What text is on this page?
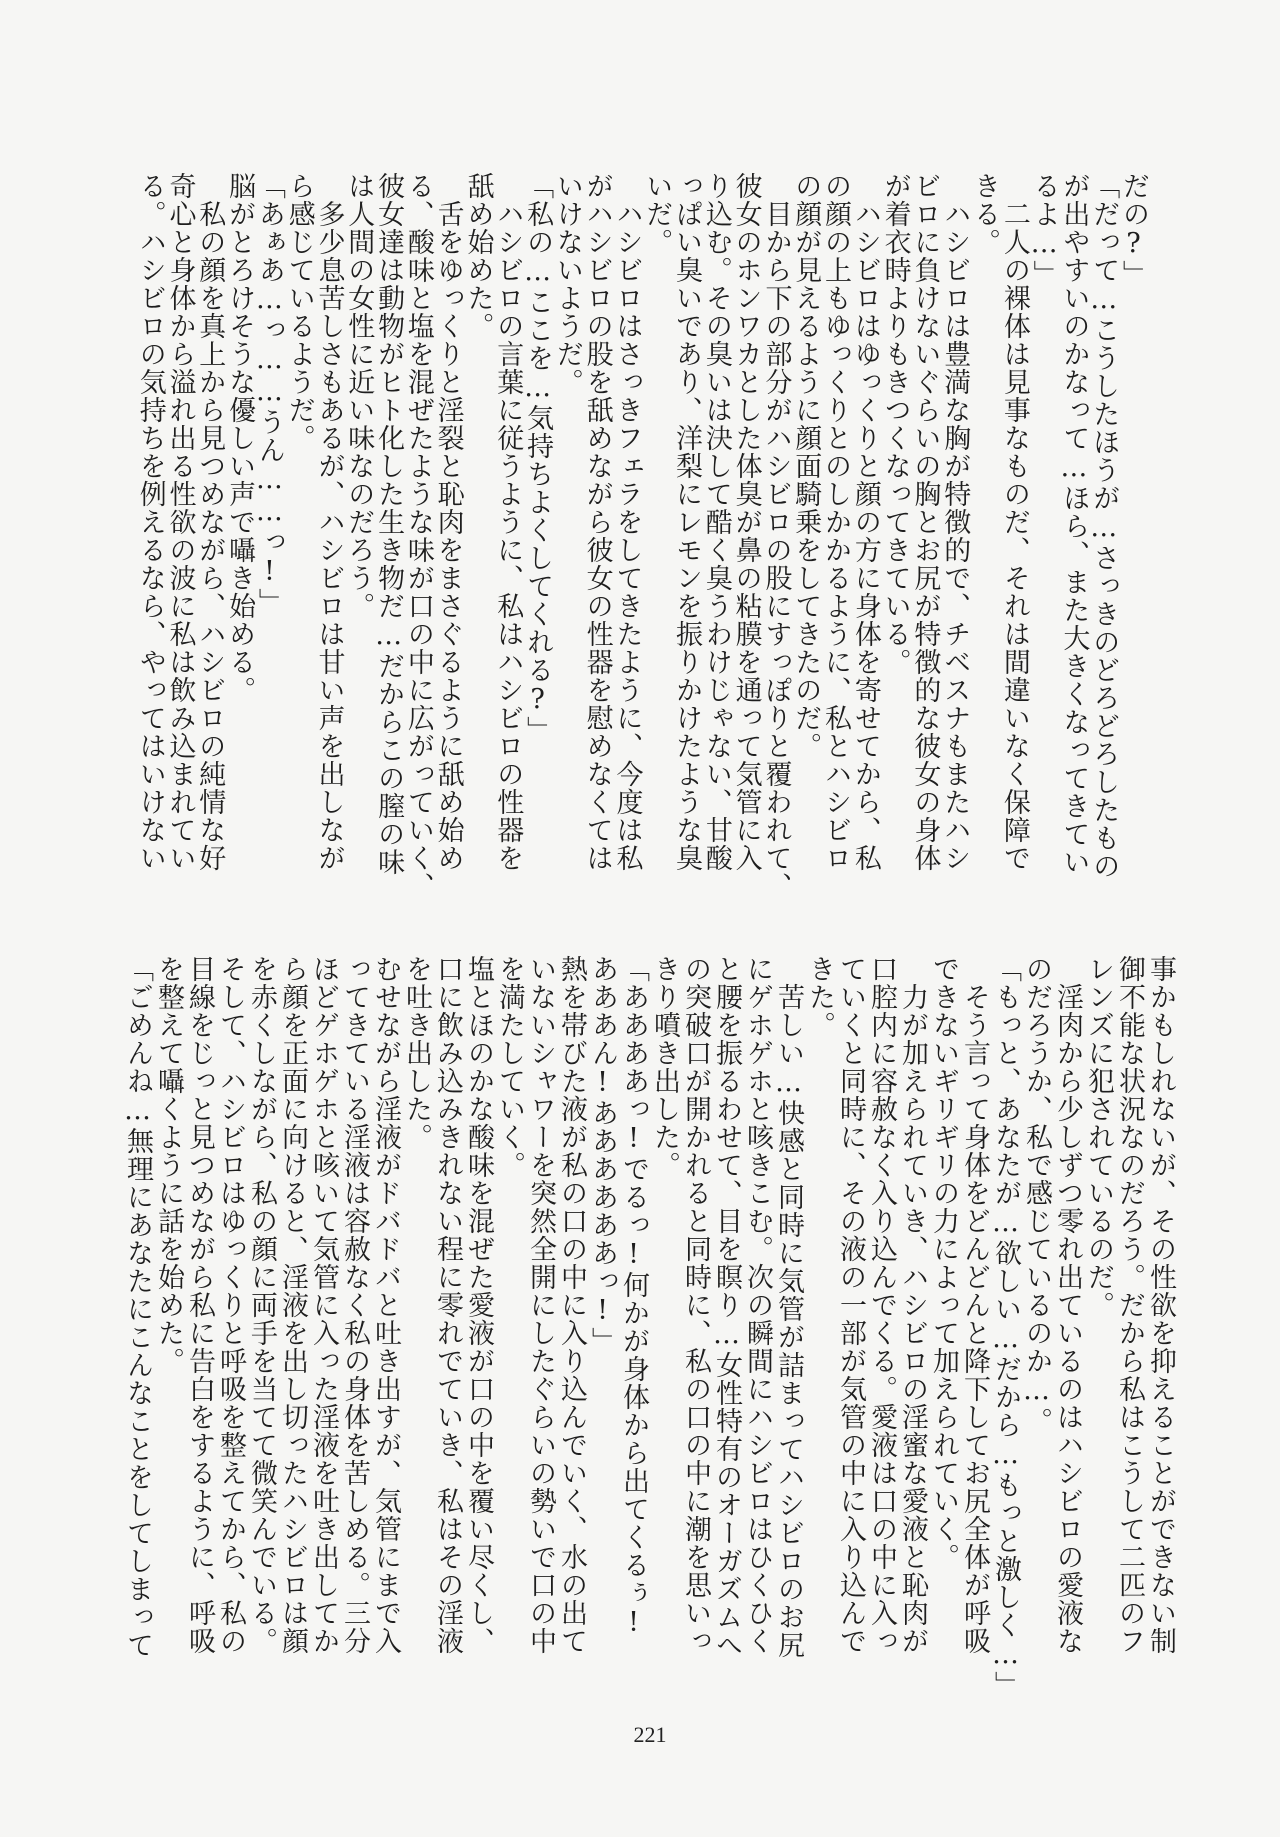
だの?」
「だって…こうしたほうが…さっきのどろどろしたもの
が出やすいのかなって…ほら、また大きくなってきてい
るよ…」
　二人の裸体は見事なものだ、それは間違いなく保障で
きる。
　ハシビロは豊満な胸が特徴的で、チベスナもまたハシ
ビロに負けないぐらいの胸とお尻が特徴的な彼女の身体
が着衣時よりもきつくなってきている。
　ハシビロはゆっくりと顔の方に身体を寄せてから、私
の顔の上もゆっくりとのしかかるように、私とハシビロ
の顔が見えるように顔面騎乗をしてきたのだ。
　目から下の部分がハシビロの股にすっぽりと覆われて、
彼女のホンワカとした体臭が鼻の粘膜を通って気管に入
り込む。その臭いは決して酷く臭うわけじゃない、甘酸
っぱい臭いであり、洋梨にレモンを振りかけたような臭
いだ。
　ハシビロはさっきフェラをしてきたように、今度は私
がハシビロの股を舐めながら彼女の性器を慰めなくては
いけないようだ。
「私の…ここを…気持ちよくしてくれる?」
　ハシビロの言葉に従うように、私はハシビロの性器を
舐め始めた。
　舌をゆっくりと淫裂と恥肉をまさぐるように舐め始め
る、酸味と塩を混ぜたような味が口の中に広がっていく、
彼女達は動物がヒト化した生き物だ…だからこの膣の味
は人間の女性に近い味なのだろう。
　多少息苦しさもあるが、ハシビロは甘い声を出しなが
ら感じているようだ。
「あぁあ…っ……うん……っ!」
脳がとろけそうな優しい声で囁き始める。
　私の顔を真上から見つめながら、ハシビロの純情な好
奇心と身体から溢れ出る性欲の波に私は飲み込まれてい
る。ハシビロの気持ちを例えるなら、やってはいけない
事かもしれないが、その性欲を抑えることができない制
御不能な状況なのだろう。だから私はこうして二匹のフ
レンズに犯されているのだ。
　淫肉から少しずつ零れ出ているのはハシビロの愛液な
のだろうか、私で感じているのか…。
「もっと、あなたが…欲しい…だから…もっと激しく…」
　そう言って身体をどんどんと降下してお尻全体が呼吸
できないギリギリの力によって加えられていく。
　力が加えられていき、ハシビロの淫蜜な愛液と恥肉が
口腔内に容赦なく入り込んでくる。愛液は口の中に入っ
ていくと同時に、その液の一部が気管の中に入り込んで
きた。
　苦しい…快感と同時に気管が詰まってハシビロのお尻
にゲホゲホと咳きこむ。次の瞬間にハシビロはひくひく
と腰を振るわせて、目を瞑り…女性特有のオーガズムへ
の突破口が開かれると同時に、私の口の中に潮を思いっ
きり噴き出した。
「ああああっ!でるっ!何かが身体から出てくるぅ!
あああん!ああああああっ!」
熱を帯びた液が私の口の中に入り込んでいく、水の出て
いないシャワーを突然全開にしたぐらいの勢いで口の中
を満たしていく。
塩とほのかな酸味を混ぜた愛液が口の中を覆い尽くし、
口に飲み込みきれない程に零れでていき、私はその淫液
を吐き出した。
むせながら淫液がドバドバと吐き出すが、気管にまで入
ってきている淫液は容赦なく私の身体を苦しめる。三分
ほどゲホゲホと咳いて気管に入った淫液を吐き出してか
ら顔を正面に向けると、淫液を出し切ったハシビロは顔
を赤くしながら、私の顔に両手を当てて微笑んでいる。
そして、ハシビロはゆっくりと呼吸を整えてから、私の
目線をじっと見つめながら私に告白をするように、呼吸
を整えて囁くように話を始めた。
「ごめんね…無理にあなたにこんなことをしてしまって
221
